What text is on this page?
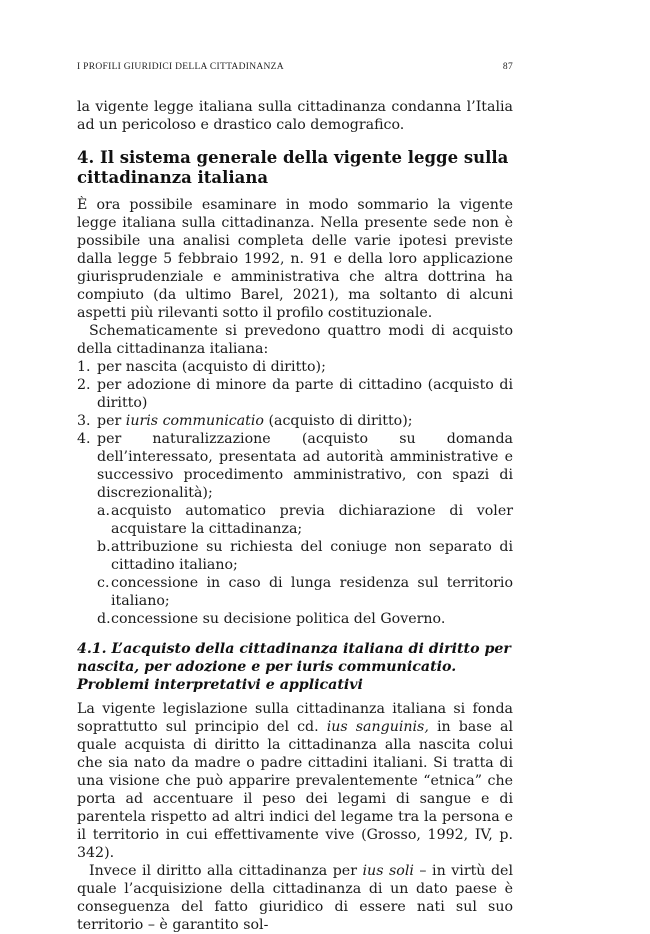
I PROFILI GIURIDICI DELLA CITTADINANZA	87

la vigente legge italiana sulla cittadinanza condanna l’Italia ad un pericoloso e drastico calo demografico.

4. Il sistema generale della vigente legge sulla cittadinanza italiana

È ora possibile esaminare in modo sommario la vigente legge italiana sulla cittadinanza. Nella presente sede non è possibile una analisi completa delle varie ipotesi previste dalla legge 5 febbraio 1992, n. 91 e della loro applicazione giurisprudenziale e amministrativa che altra dottrina ha compiuto (da ultimo Barel, 2021), ma soltanto di alcuni aspetti più rilevanti sotto il profilo costituzionale.

Schematicamente si prevedono quattro modi di acquisto della cittadinanza italiana:

1. per nascita (acquisto di diritto);
2. per adozione di minore da parte di cittadino (acquisto di diritto)
3. per iuris communicatio (acquisto di diritto);
4. per naturalizzazione (acquisto su domanda dell’interessato, presentata ad autorità amministrative e successivo procedimento amministrativo, con spazi di discrezionalità);
a. acquisto automatico previa dichiarazione di voler acquistare la cittadinanza;
b. attribuzione su richiesta del coniuge non separato di cittadino italiano;
c. concessione in caso di lunga residenza sul territorio italiano;
d. concessione su decisione politica del Governo.
4.1. L’acquisto della cittadinanza italiana di diritto per nascita, per adozione e per iuris communicatio. Problemi interpretativi e applicativi

La vigente legislazione sulla cittadinanza italiana si fonda soprattutto sul principio del cd. ius sanguinis, in base al quale acquista di diritto la cittadinanza alla nascita colui che sia nato da madre o padre cittadini italiani. Si tratta di una visione che può apparire prevalentemente “etnica” che porta ad accentuare il peso dei legami di sangue e di parentela rispetto ad altri indici del legame tra la persona e il territorio in cui effettivamente vive (Grosso, 1992, IV, p. 342).

Invece il diritto alla cittadinanza per ius soli – in virtù del quale l’acquisizione della cittadinanza di un dato paese è conseguenza del fatto giuridico di essere nati sul suo territorio – è garantito sol-
